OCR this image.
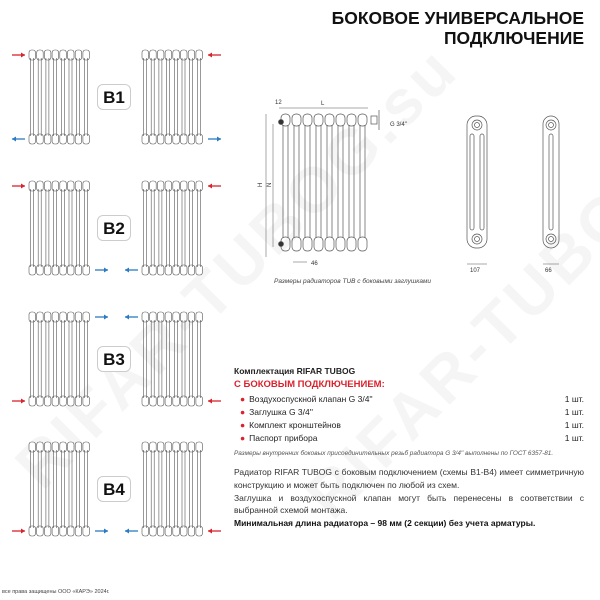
БОКОВОЕ УНИВЕРСАЛЬНОЕ
ПОДКЛЮЧЕНИЕ
B1
B2
B3
B4
L
12
H N
46
G 3/4''
107	66
Размеры радиаторов TUB с боковыми заглушками
Комплектация RIFAR TUBOG
С БОКОВЫМ ПОДКЛЮЧЕНИЕМ:
● Воздухоспускной клапан G 3/4''	1 шт.
● Заглушка G 3/4''	1 шт.
● Комплект кронштейнов	1 шт.
● Паспорт прибора	1 шт.
Размеры внутренних боковых присоединительных резьб радиатора G 3/4'' выполнены по ГОСТ 6357-81.
Радиатор RIFAR TUBOG с боковым подключением (схемы B1-B4) имеет симметричную конструкцию и может быть подключен по любой из схем.
Заглушка и воздухоспускной клапан могут быть перенесены в соответствии с выбранной схемой монтажа.
Минимальная длина радиатора – 98 мм (2 секции) без учета арматуры.
все права защищены ООО «КАРЭ» 2024г.
